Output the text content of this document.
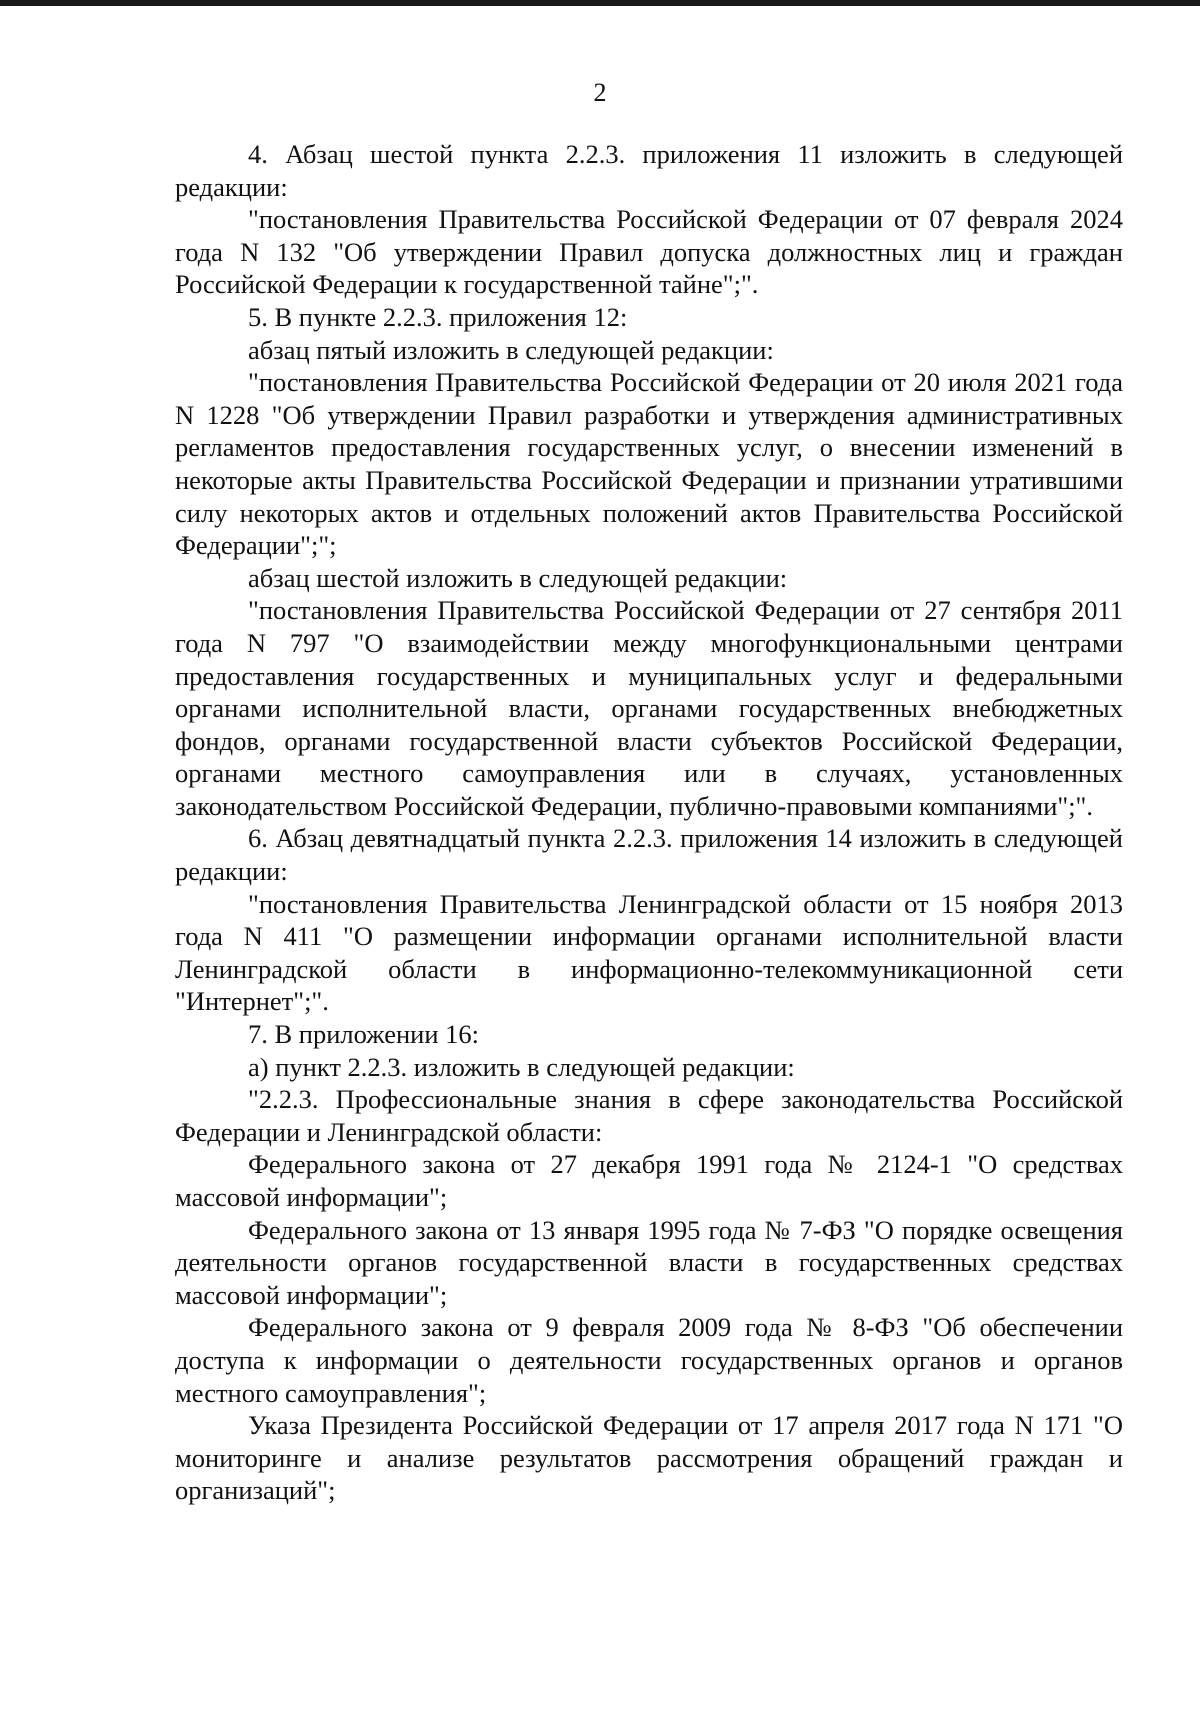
2

4. Абзац шестой пункта 2.2.3. приложения 11 изложить в следующей редакции:

"постановления Правительства Российской Федерации от 07 февраля 2024 года N 132 "Об утверждении Правил допуска должностных лиц и граждан Российской Федерации к государственной тайне";".

5. В пункте 2.2.3. приложения 12:

абзац пятый изложить в следующей редакции:

"постановления Правительства Российской Федерации от 20 июля 2021 года N 1228 "Об утверждении Правил разработки и утверждения административных регламентов предоставления государственных услуг, о внесении изменений в некоторые акты Правительства Российской Федерации и признании утратившими силу некоторых актов и отдельных положений актов Правительства Российской Федерации";";

абзац шестой изложить в следующей редакции:

"постановления Правительства Российской Федерации от 27 сентября 2011 года N 797 "О взаимодействии между многофункциональными центрами предоставления государственных и муниципальных услуг и федеральными органами исполнительной власти, органами государственных внебюджетных фондов, органами государственной власти субъектов Российской Федерации, органами местного самоуправления или в случаях, установленных законодательством Российской Федерации, публично-правовыми компаниями";".

6. Абзац девятнадцатый пункта 2.2.3. приложения 14 изложить в следующей редакции:

"постановления Правительства Ленинградской области от 15 ноября 2013 года N 411 "О размещении информации органами исполнительной власти Ленинградской области в информационно-телекоммуникационной сети "Интернет";".

7. В приложении 16:

а) пункт 2.2.3. изложить в следующей редакции:

"2.2.3. Профессиональные знания в сфере законодательства Российской Федерации и Ленинградской области:

Федерального закона от 27 декабря 1991 года № 2124-1 "О средствах массовой информации";

Федерального закона от 13 января 1995 года № 7-ФЗ "О порядке освещения деятельности органов государственной власти в государственных средствах массовой информации";

Федерального закона от 9 февраля 2009 года № 8-ФЗ "Об обеспечении доступа к информации о деятельности государственных органов и органов местного самоуправления";

Указа Президента Российской Федерации от 17 апреля 2017 года N 171 "О мониторинге и анализе результатов рассмотрения обращений граждан и организаций";
